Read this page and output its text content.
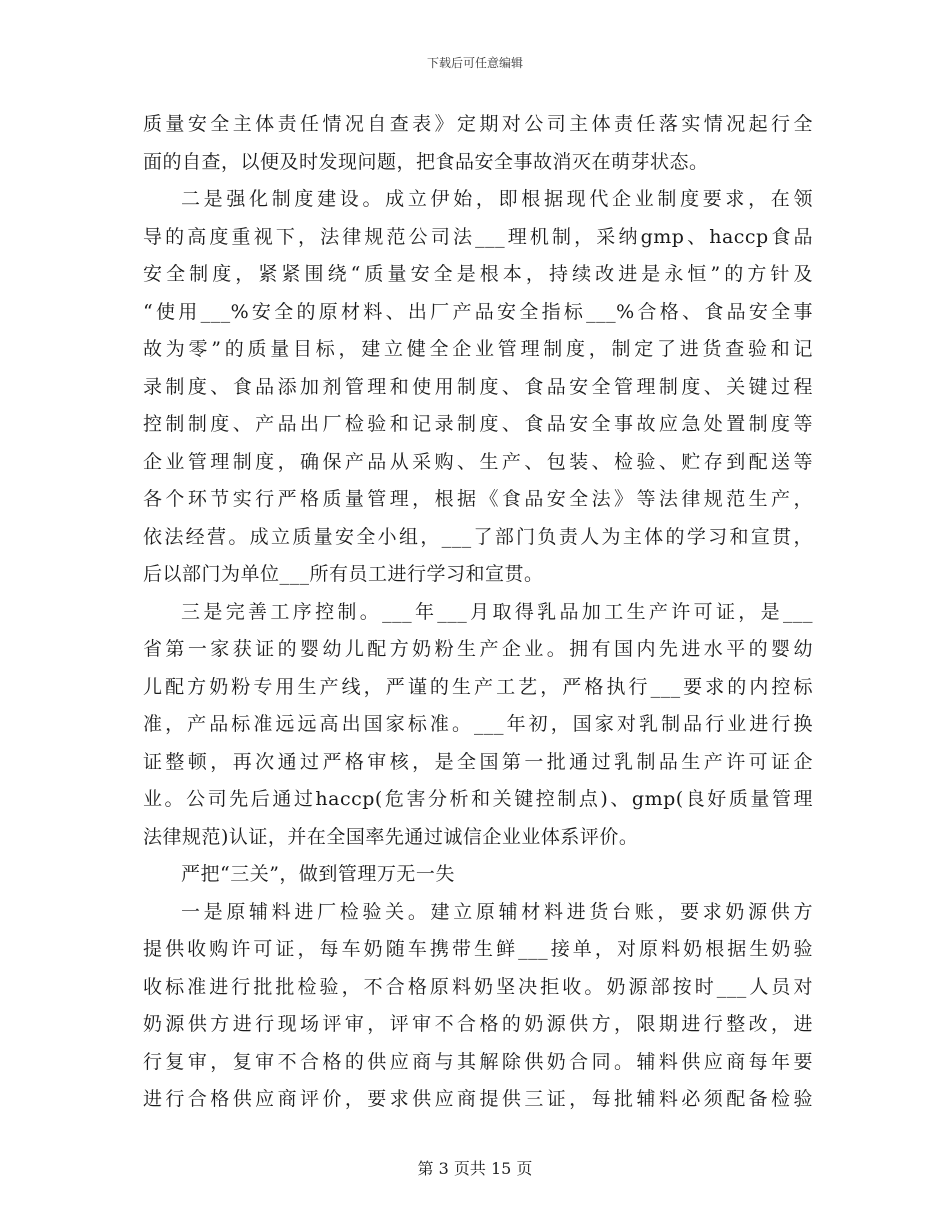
下载后可任意编辑
质量安全主体责任情况自查表》定期对公司主体责任落实情况起行全
面的自查，以便及时发现问题，把食品安全事故消灭在萌芽状态。
二是强化制度建设。成立伊始，即根据现代企业制度要求，在领
导的高度重视下，法律规范公司法___理机制，采纳gmp、haccp食品
安全制度，紧紧围绕“质量安全是根本，持续改进是永恒”的方针及
“使用___%安全的原材料、出厂产品安全指标___%合格、食品安全事
故为零”的质量目标，建立健全企业管理制度，制定了进货查验和记
录制度、食品添加剂管理和使用制度、食品安全管理制度、关键过程
控制制度、产品出厂检验和记录制度、食品安全事故应急处置制度等
企业管理制度，确保产品从采购、生产、包装、检验、贮存到配送等
各个环节实行严格质量管理，根据《食品安全法》等法律规范生产，
依法经营。成立质量安全小组，___了部门负责人为主体的学习和宣贯，
后以部门为单位___所有员工进行学习和宣贯。
三是完善工序控制。___年___月取得乳品加工生产许可证，是___
省第一家获证的婴幼儿配方奶粉生产企业。拥有国内先进水平的婴幼
儿配方奶粉专用生产线，严谨的生产工艺，严格执行___要求的内控标
准，产品标准远远高出国家标准。___年初，国家对乳制品行业进行换
证整顿，再次通过严格审核，是全国第一批通过乳制品生产许可证企
业。公司先后通过haccp(危害分析和关键控制点)、gmp(良好质量管理
法律规范)认证，并在全国率先通过诚信企业业体系评价。
严把“三关”，做到管理万无一失
一是原辅料进厂检验关。建立原辅材料进货台账，要求奶源供方
提供收购许可证，每车奶随车携带生鲜___接单，对原料奶根据生奶验
收标准进行批批检验，不合格原料奶坚决拒收。奶源部按时___人员对
奶源供方进行现场评审，评审不合格的奶源供方，限期进行整改，进
行复审，复审不合格的供应商与其解除供奶合同。辅料供应商每年要
进行合格供应商评价，要求供应商提供三证，每批辅料必须配备检验
第 3 页共 15 页
